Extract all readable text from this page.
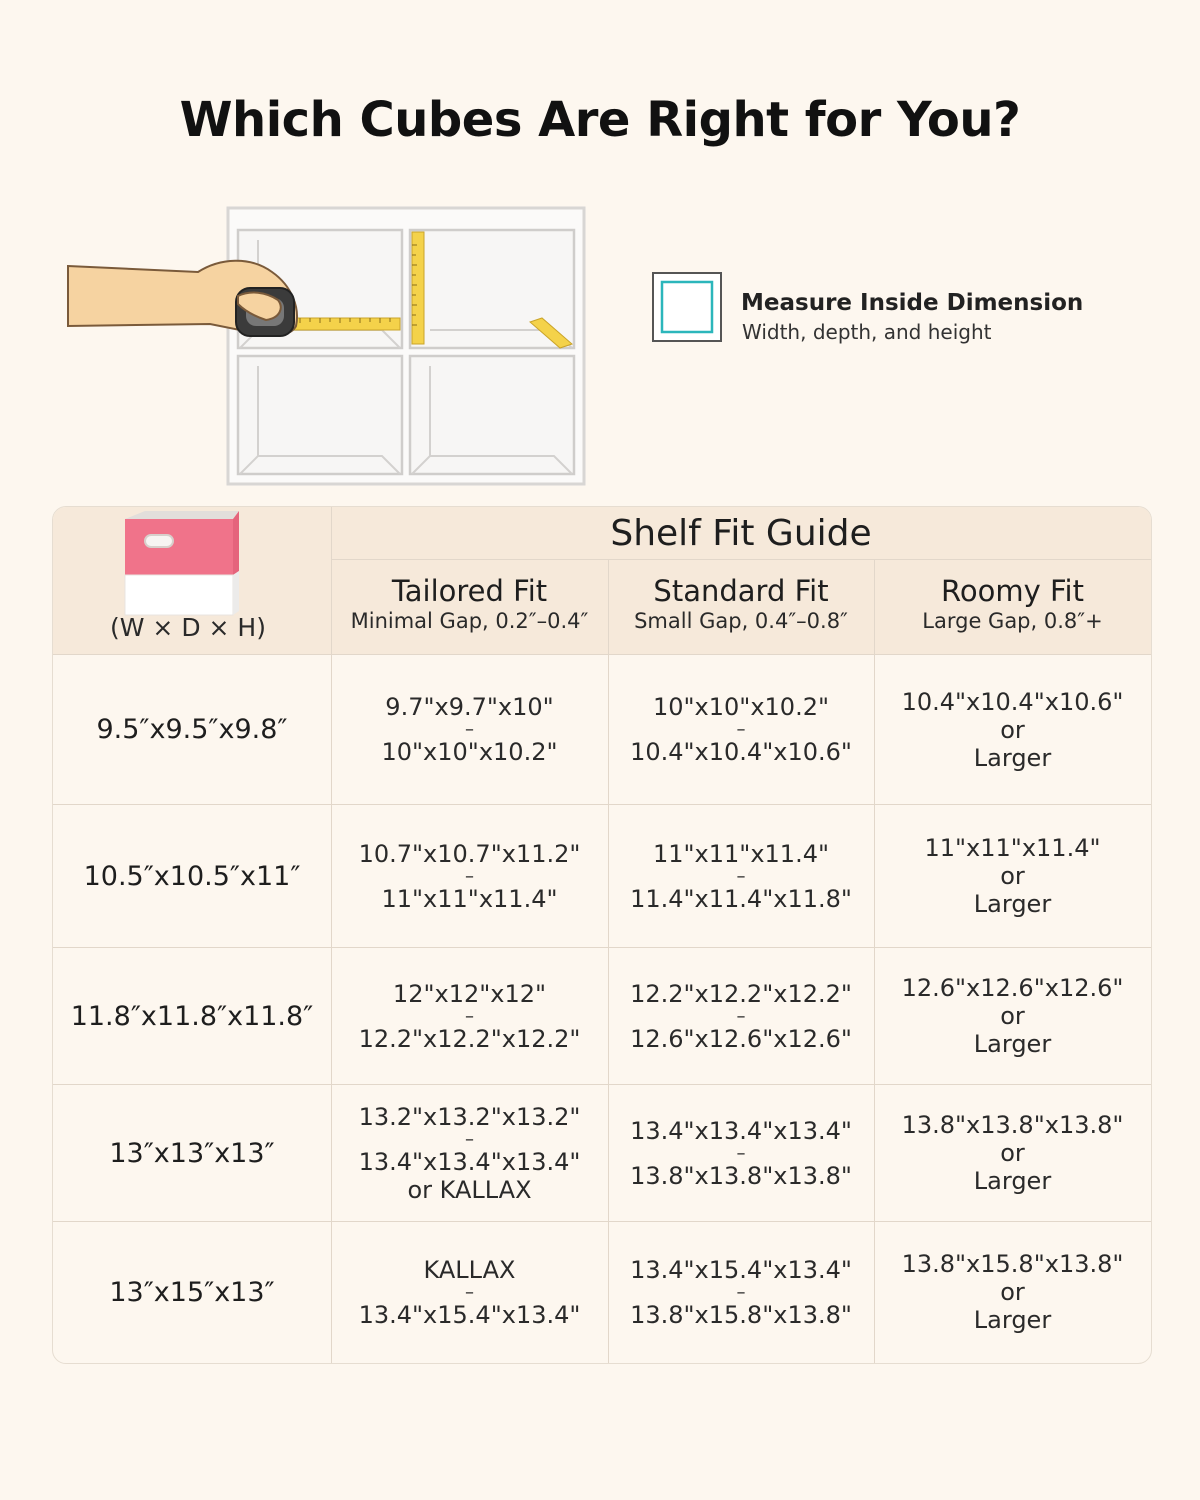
Which Cubes Are Right for You?
Measure Inside Dimension
Width, depth, and height
(W × D × H)
Shelf Fit Guide
Tailored Fit
Minimal Gap, 0.2″–0.4″
Standard Fit
Small Gap, 0.4″–0.8″
Roomy Fit
Large Gap, 0.8″+
9.5″x9.5″x9.8″
9.7"x9.7"x10"
–
10"x10"x10.2"
10"x10"x10.2"
–
10.4"x10.4"x10.6"
10.4"x10.4"x10.6"
or
Larger
10.5″x10.5″x11″
10.7"x10.7"x11.2"
–
11"x11"x11.4"
11"x11"x11.4"
–
11.4"x11.4"x11.8"
11"x11"x11.4"
or
Larger
11.8″x11.8″x11.8″
12"x12"x12"
–
12.2"x12.2"x12.2"
12.2"x12.2"x12.2"
–
12.6"x12.6"x12.6"
12.6"x12.6"x12.6"
or
Larger
13″x13″x13″
13.2"x13.2"x13.2"
–
13.4"x13.4"x13.4"
or KALLAX
13.4"x13.4"x13.4"
–
13.8"x13.8"x13.8"
13.8"x13.8"x13.8"
or
Larger
13″x15″x13″
KALLAX
–
13.4"x15.4"x13.4"
13.4"x15.4"x13.4"
–
13.8"x15.8"x13.8"
13.8"x15.8"x13.8"
or
Larger
